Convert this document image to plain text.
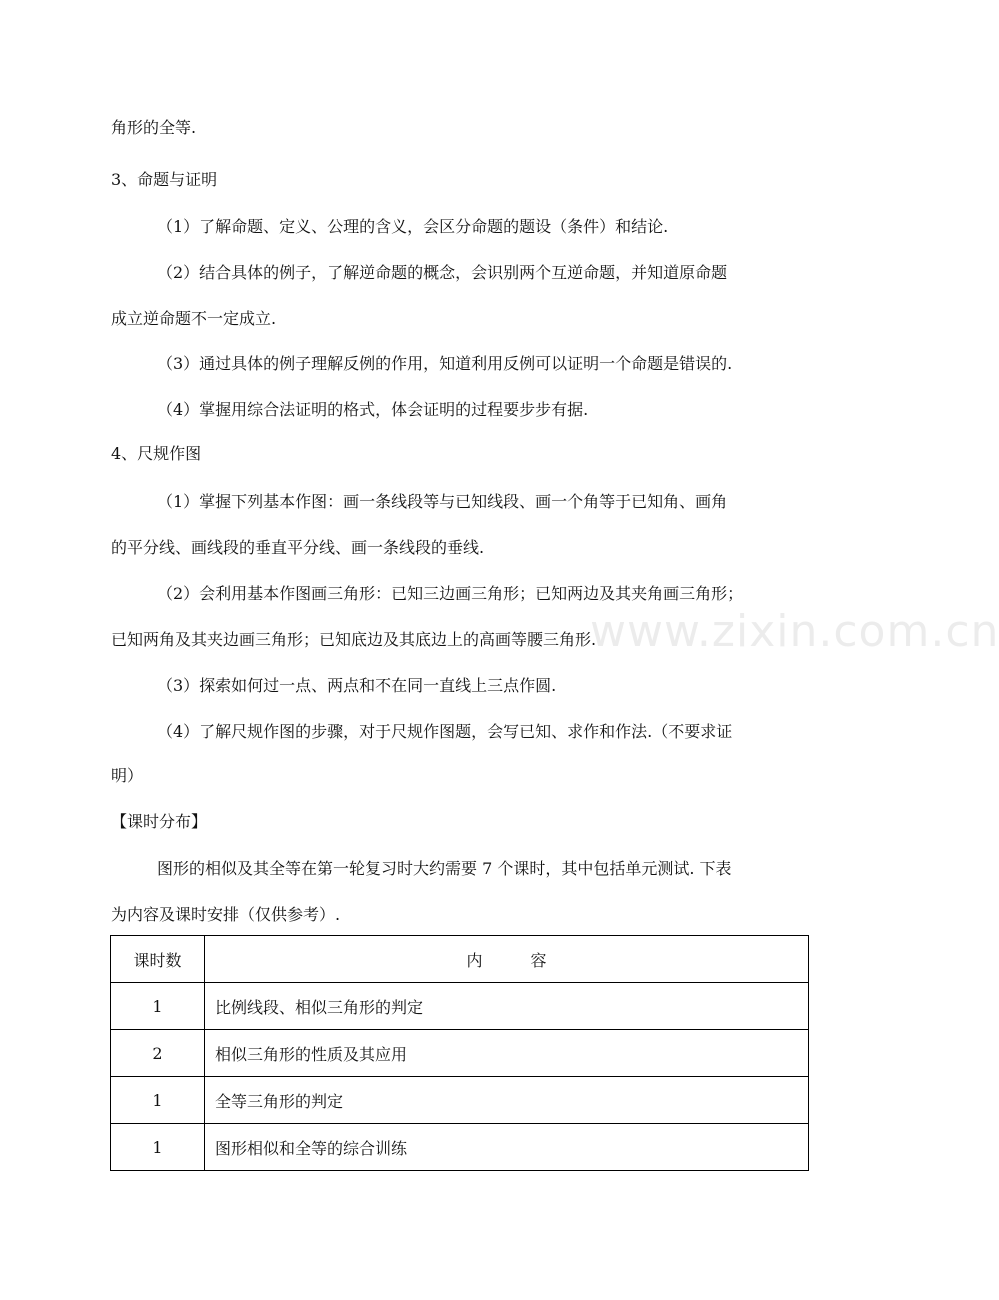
www.zixin.com.cn
角形的全等.
3、命题与证明
（1）了解命题、定义、公理的含义，会区分命题的题设（条件）和结论.
（2）结合具体的例子，了解逆命题的概念，会识别两个互逆命题，并知道原命题
成立逆命题不一定成立.
（3）通过具体的例子理解反例的作用，知道利用反例可以证明一个命题是错误的.
（4）掌握用综合法证明的格式，体会证明的过程要步步有据.
4、尺规作图
（1）掌握下列基本作图：画一条线段等与已知线段、画一个角等于已知角、画角
的平分线、画线段的垂直平分线、画一条线段的垂线.
（2）会利用基本作图画三角形：已知三边画三角形；已知两边及其夹角画三角形；
已知两角及其夹边画三角形；已知底边及其底边上的高画等腰三角形.
（3）探索如何过一点、两点和不在同一直线上三点作圆.
（4）了解尺规作图的步骤，对于尺规作图题，会写已知、求作和作法.（不要求证
明）
【课时分布】
图形的相似及其全等在第一轮复习时大约需要 7 个课时，其中包括单元测试. 下表
为内容及课时安排（仅供参考）.
课时数	内　　　容
1	比例线段、相似三角形的判定
2	相似三角形的性质及其应用
1	全等三角形的判定
1	图形相似和全等的综合训练
